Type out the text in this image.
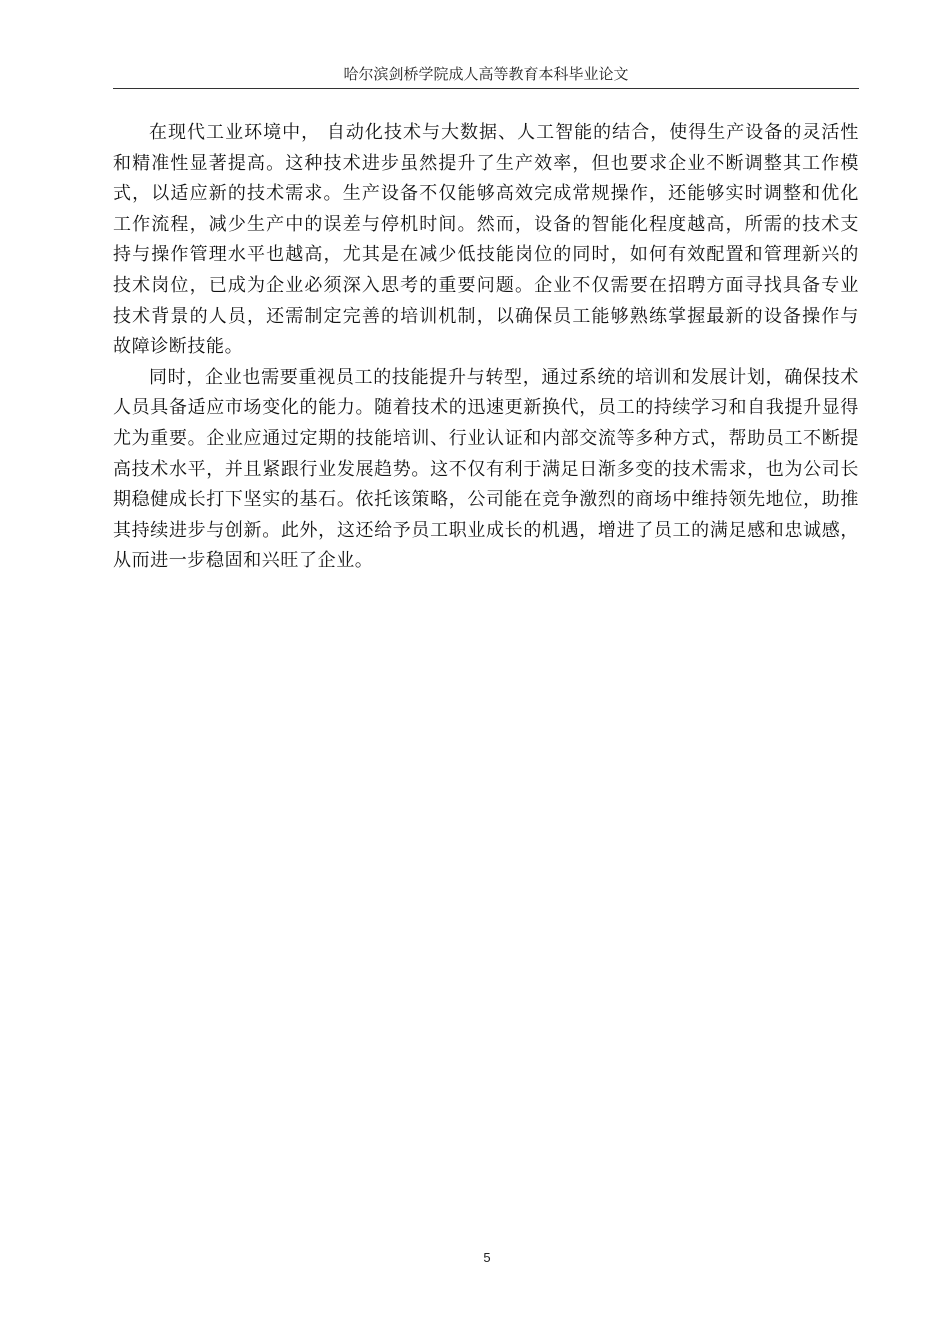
哈尔滨剑桥学院成人高等教育本科毕业论文

在现代工业环境中， 自动化技术与大数据、人工智能的结合，使得生产设备的灵活性 和精准性显著提高。这种技术进步虽然提升了生产效率，但也要求企业不断调整其工作模 式，以适应新的技术需求。生产设备不仅能够高效完成常规操作，还能够实时调整和优化 工作流程，减少生产中的误差与停机时间。然而，设备的智能化程度越高，所需的技术支 持与操作管理水平也越高，尤其是在减少低技能岗位的同时，如何有效配置和管理新兴的 技术岗位，已成为企业必须深入思考的重要问题。企业不仅需要在招聘方面寻找具备专业 技术背景的人员，还需制定完善的培训机制，以确保员工能够熟练掌握最新的设备操作与 故障诊断技能。

同时，企业也需要重视员工的技能提升与转型，通过系统的培训和发展计划，确保技术人员具备适应市场变化的能力。随着技术的迅速更新换代，员工的持续学习和自我提升显得尤为重要。企业应通过定期的技能培训、行业认证和内部交流等多种方式，帮助员工不断提高技术水平，并且紧跟行业发展趋势。这不仅有利于满足日渐多变的技术需求，也为公司长期稳健成长打下坚实的基石。依托该策略，公司能在竞争激烈的商场中维持领先地位，助推其持续进步与创新。此外，这还给予员工职业成长的机遇，增进了员工的满足感和忠诚感，从而进一步稳固和兴旺了企业。

5
